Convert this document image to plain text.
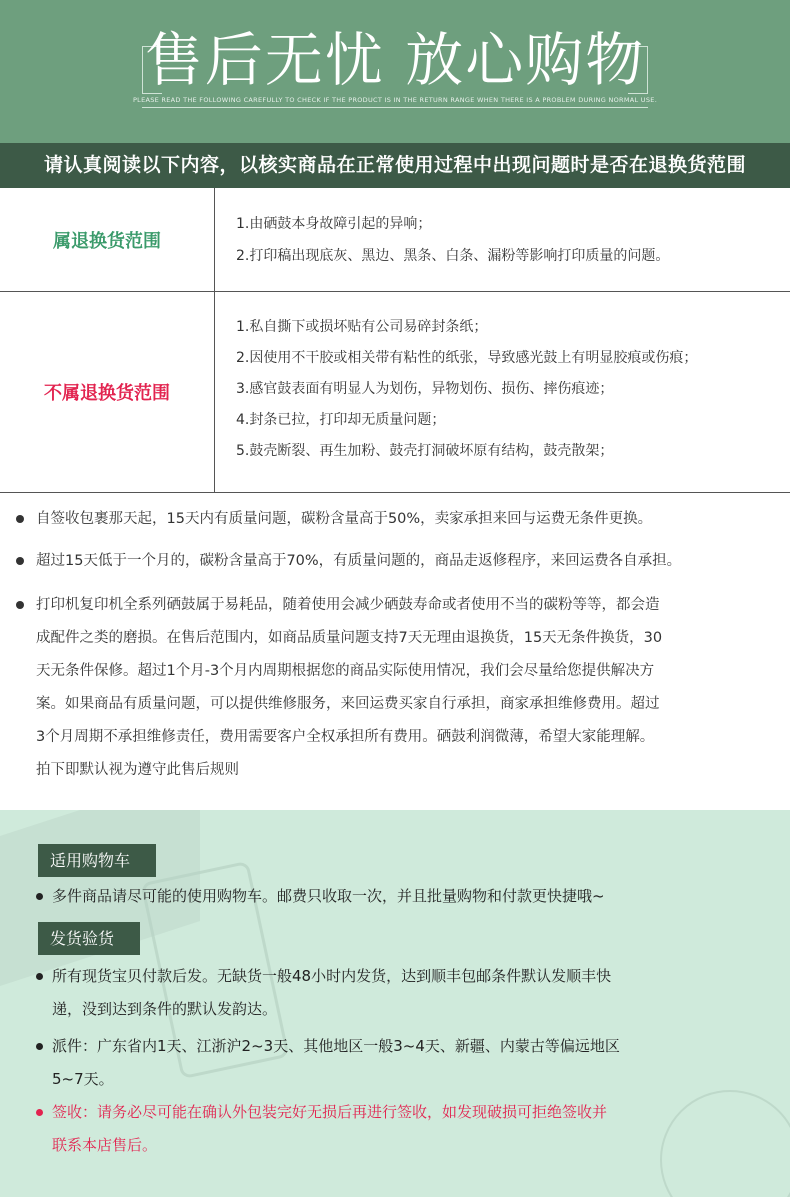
售后无忧 放心购物
PLEASE READ THE FOLLOWING CAREFULLY TO CHECK IF THE PRODUCT IS IN THE RETURN RANGE WHEN THERE IS A PROBLEM DURING NORMAL USE.
请认真阅读以下内容，以核实商品在正常使用过程中出现问题时是否在退换货范围
属退换货范围
1.由硒鼓本身故障引起的异响；
2.打印稿出现底灰、黑边、黑条、白条、漏粉等影响打印质量的问题。
不属退换货范围
1.私自撕下或损坏贴有公司易碎封条纸；
2.因使用不干胶或相关带有粘性的纸张，导致感光鼓上有明显胶痕或伤痕；
3.感官鼓表面有明显人为划伤，异物划伤、损伤、摔伤痕迹；
4.封条已拉，打印却无质量问题；
5.鼓壳断裂、再生加粉、鼓壳打洞破坏原有结构，鼓壳散架；
自签收包裹那天起，15天内有质量问题，碳粉含量高于50%，卖家承担来回与运费无条件更换。
超过15天低于一个月的，碳粉含量高于70%，有质量问题的，商品走返修程序，来回运费各自承担。
打印机复印机全系列硒鼓属于易耗品，随着使用会减少硒鼓寿命或者使用不当的碳粉等等，都会造
成配件之类的磨损。在售后范围内，如商品质量问题支持7天无理由退换货，15天无条件换货，30
天无条件保修。超过1个月-3个月内周期根据您的商品实际使用情况，我们会尽量给您提供解决方
案。如果商品有质量问题，可以提供维修服务，来回运费买家自行承担，商家承担维修费用。超过
3个月周期不承担维修责任，费用需要客户全权承担所有费用。硒鼓利润微薄，希望大家能理解。
拍下即默认视为遵守此售后规则
适用购物车
多件商品请尽可能的使用购物车。邮费只收取一次，并且批量购物和付款更快捷哦~
发货验货
所有现货宝贝付款后发。无缺货一般48小时内发货，达到顺丰包邮条件默认发顺丰快
递，没到达到条件的默认发韵达。
派件：广东省内1天、江浙沪2~3天、其他地区一般3~4天、新疆、内蒙古等偏远地区
5~7天。
签收：请务必尽可能在确认外包装完好无损后再进行签收，如发现破损可拒绝签收并
联系本店售后。
